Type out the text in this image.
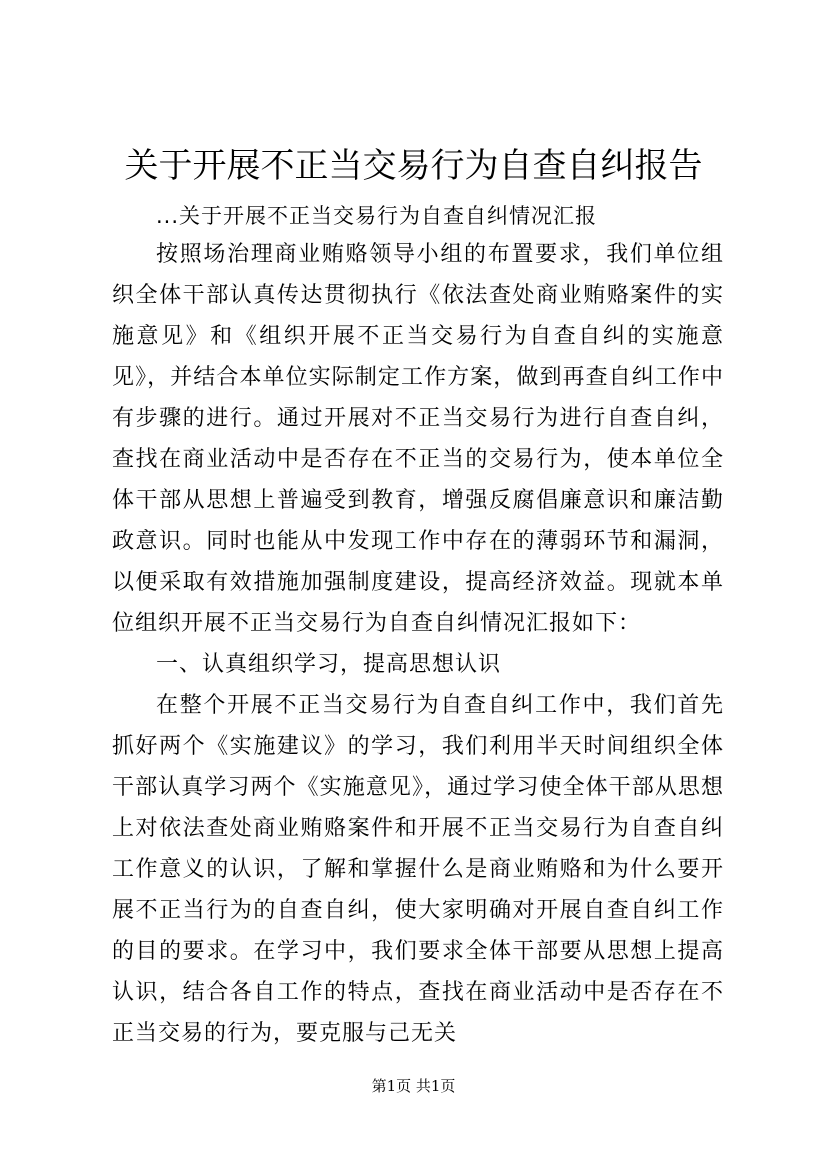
关于开展不正当交易行为自查自纠报告

...关于开展不正当交易行为自查自纠情况汇报

按照场治理商业贿赂领导小组的布置要求，我们单位组织全体干部认真传达贯彻执行《依法查处商业贿赂案件的实施意见》和《组织开展不正当交易行为自查自纠的实施意见》，并结合本单位实际制定工作方案，做到再查自纠工作中有步骤的进行。通过开展对不正当交易行为进行自查自纠，查找在商业活动中是否存在不正当的交易行为，使本单位全体干部从思想上普遍受到教育，增强反腐倡廉意识和廉洁勤政意识。同时也能从中发现工作中存在的薄弱环节和漏洞，以便采取有效措施加强制度建设，提高经济效益。现就本单位组织开展不正当交易行为自查自纠情况汇报如下：

一、认真组织学习，提高思想认识

在整个开展不正当交易行为自查自纠工作中，我们首先抓好两个《实施建议》的学习，我们利用半天时间组织全体干部认真学习两个《实施意见》，通过学习使全体干部从思想上对依法查处商业贿赂案件和开展不正当交易行为自查自纠工作意义的认识，了解和掌握什么是商业贿赂和为什么要开展不正当行为的自查自纠，使大家明确对开展自查自纠工作的目的要求。在学习中，我们要求全体干部要从思想上提高认识，结合各自工作的特点，查找在商业活动中是否存在不正当交易的行为，要克服与己无关

第1页 共1页
